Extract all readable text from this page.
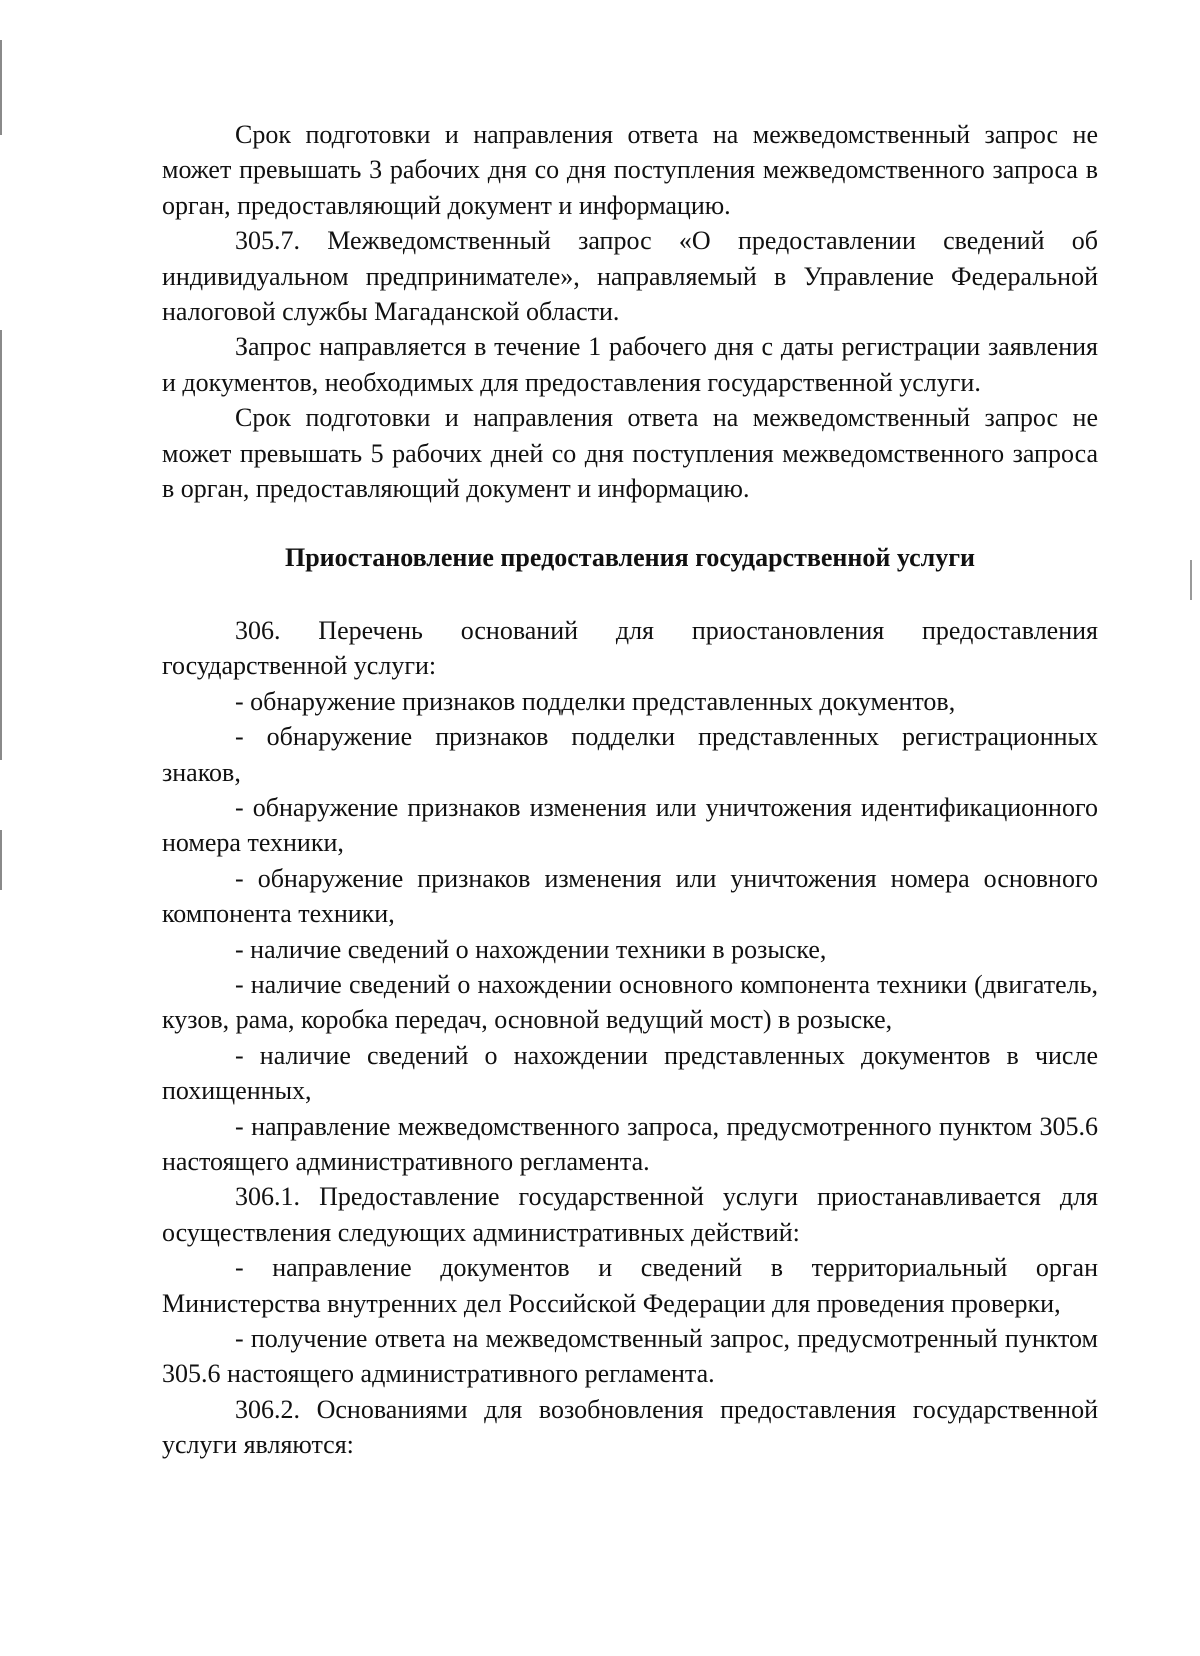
Срок подготовки и направления ответа на межведомственный запрос не может превышать 3 рабочих дня со дня поступления межведомственного запроса в орган, предоставляющий документ и информацию.

305.7. Межведомственный запрос «О предоставлении сведений об индивидуальном предпринимателе», направляемый в Управление Федеральной налоговой службы Магаданской области.

Запрос направляется в течение 1 рабочего дня с даты регистрации заявления и документов, необходимых для предоставления государственной услуги.

Срок подготовки и направления ответа на межведомственный запрос не может превышать 5 рабочих дней со дня поступления межведомственного запроса в орган, предоставляющий документ и информацию.

Приостановление предоставления государственной услуги

306. Перечень оснований для приостановления предоставления государственной услуги:

- обнаружение признаков подделки представленных документов,

- обнаружение признаков подделки представленных регистрационных знаков,

- обнаружение признаков изменения или уничтожения идентификационного номера техники,

- обнаружение признаков изменения или уничтожения номера основного компонента техники,

- наличие сведений о нахождении техники в розыске,

- наличие сведений о нахождении основного компонента техники (двигатель, кузов, рама, коробка передач, основной ведущий мост) в розыске,

- наличие сведений о нахождении представленных документов в числе похищенных,

- направление межведомственного запроса, предусмотренного пунктом 305.6 настоящего административного регламента.

306.1. Предоставление государственной услуги приостанавливается для осуществления следующих административных действий:

- направление документов и сведений в территориальный орган Министерства внутренних дел Российской Федерации для проведения проверки,

- получение ответа на межведомственный запрос, предусмотренный пунктом 305.6 настоящего административного регламента.

306.2. Основаниями для возобновления предоставления государственной услуги являются:
